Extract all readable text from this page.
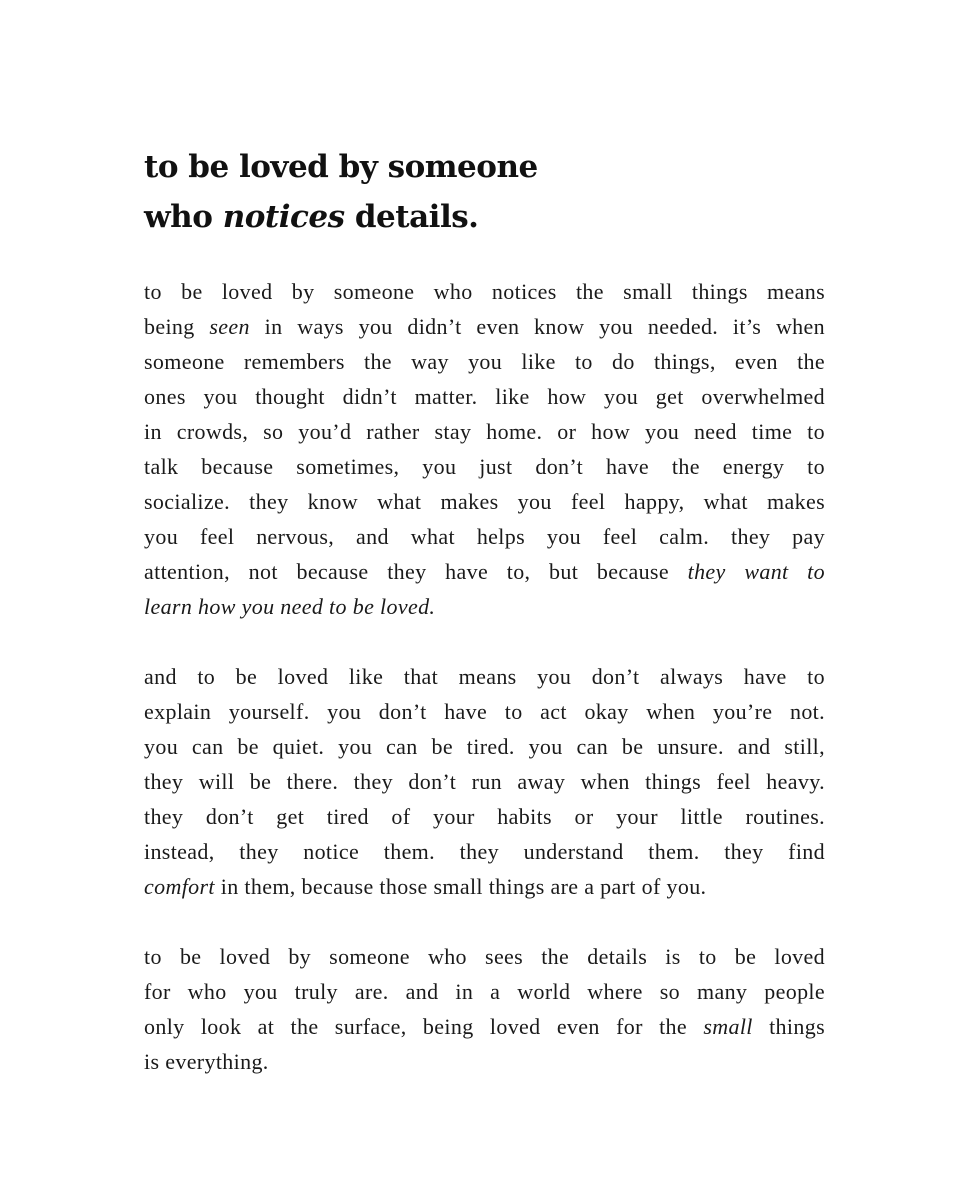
to be loved by someone
who notices details.
to be loved by someone who notices the small things means
being seen in ways you didn’t even know you needed. it’s when
someone remembers the way you like to do things, even the
ones you thought didn’t matter. like how you get overwhelmed
in crowds, so you’d rather stay home. or how you need time to
talk because sometimes, you just don’t have the energy to
socialize. they know what makes you feel happy, what makes
you feel nervous, and what helps you feel calm. they pay
attention, not because they have to, but because they want to
learn how you need to be loved.
and to be loved like that means you don’t always have to
explain yourself. you don’t have to act okay when you’re not.
you can be quiet. you can be tired. you can be unsure. and still,
they will be there. they don’t run away when things feel heavy.
they don’t get tired of your habits or your little routines.
instead, they notice them. they understand them. they find
comfort in them, because those small things are a part of you.
to be loved by someone who sees the details is to be loved
for who you truly are. and in a world where so many people
only look at the surface, being loved even for the small things
is everything.
